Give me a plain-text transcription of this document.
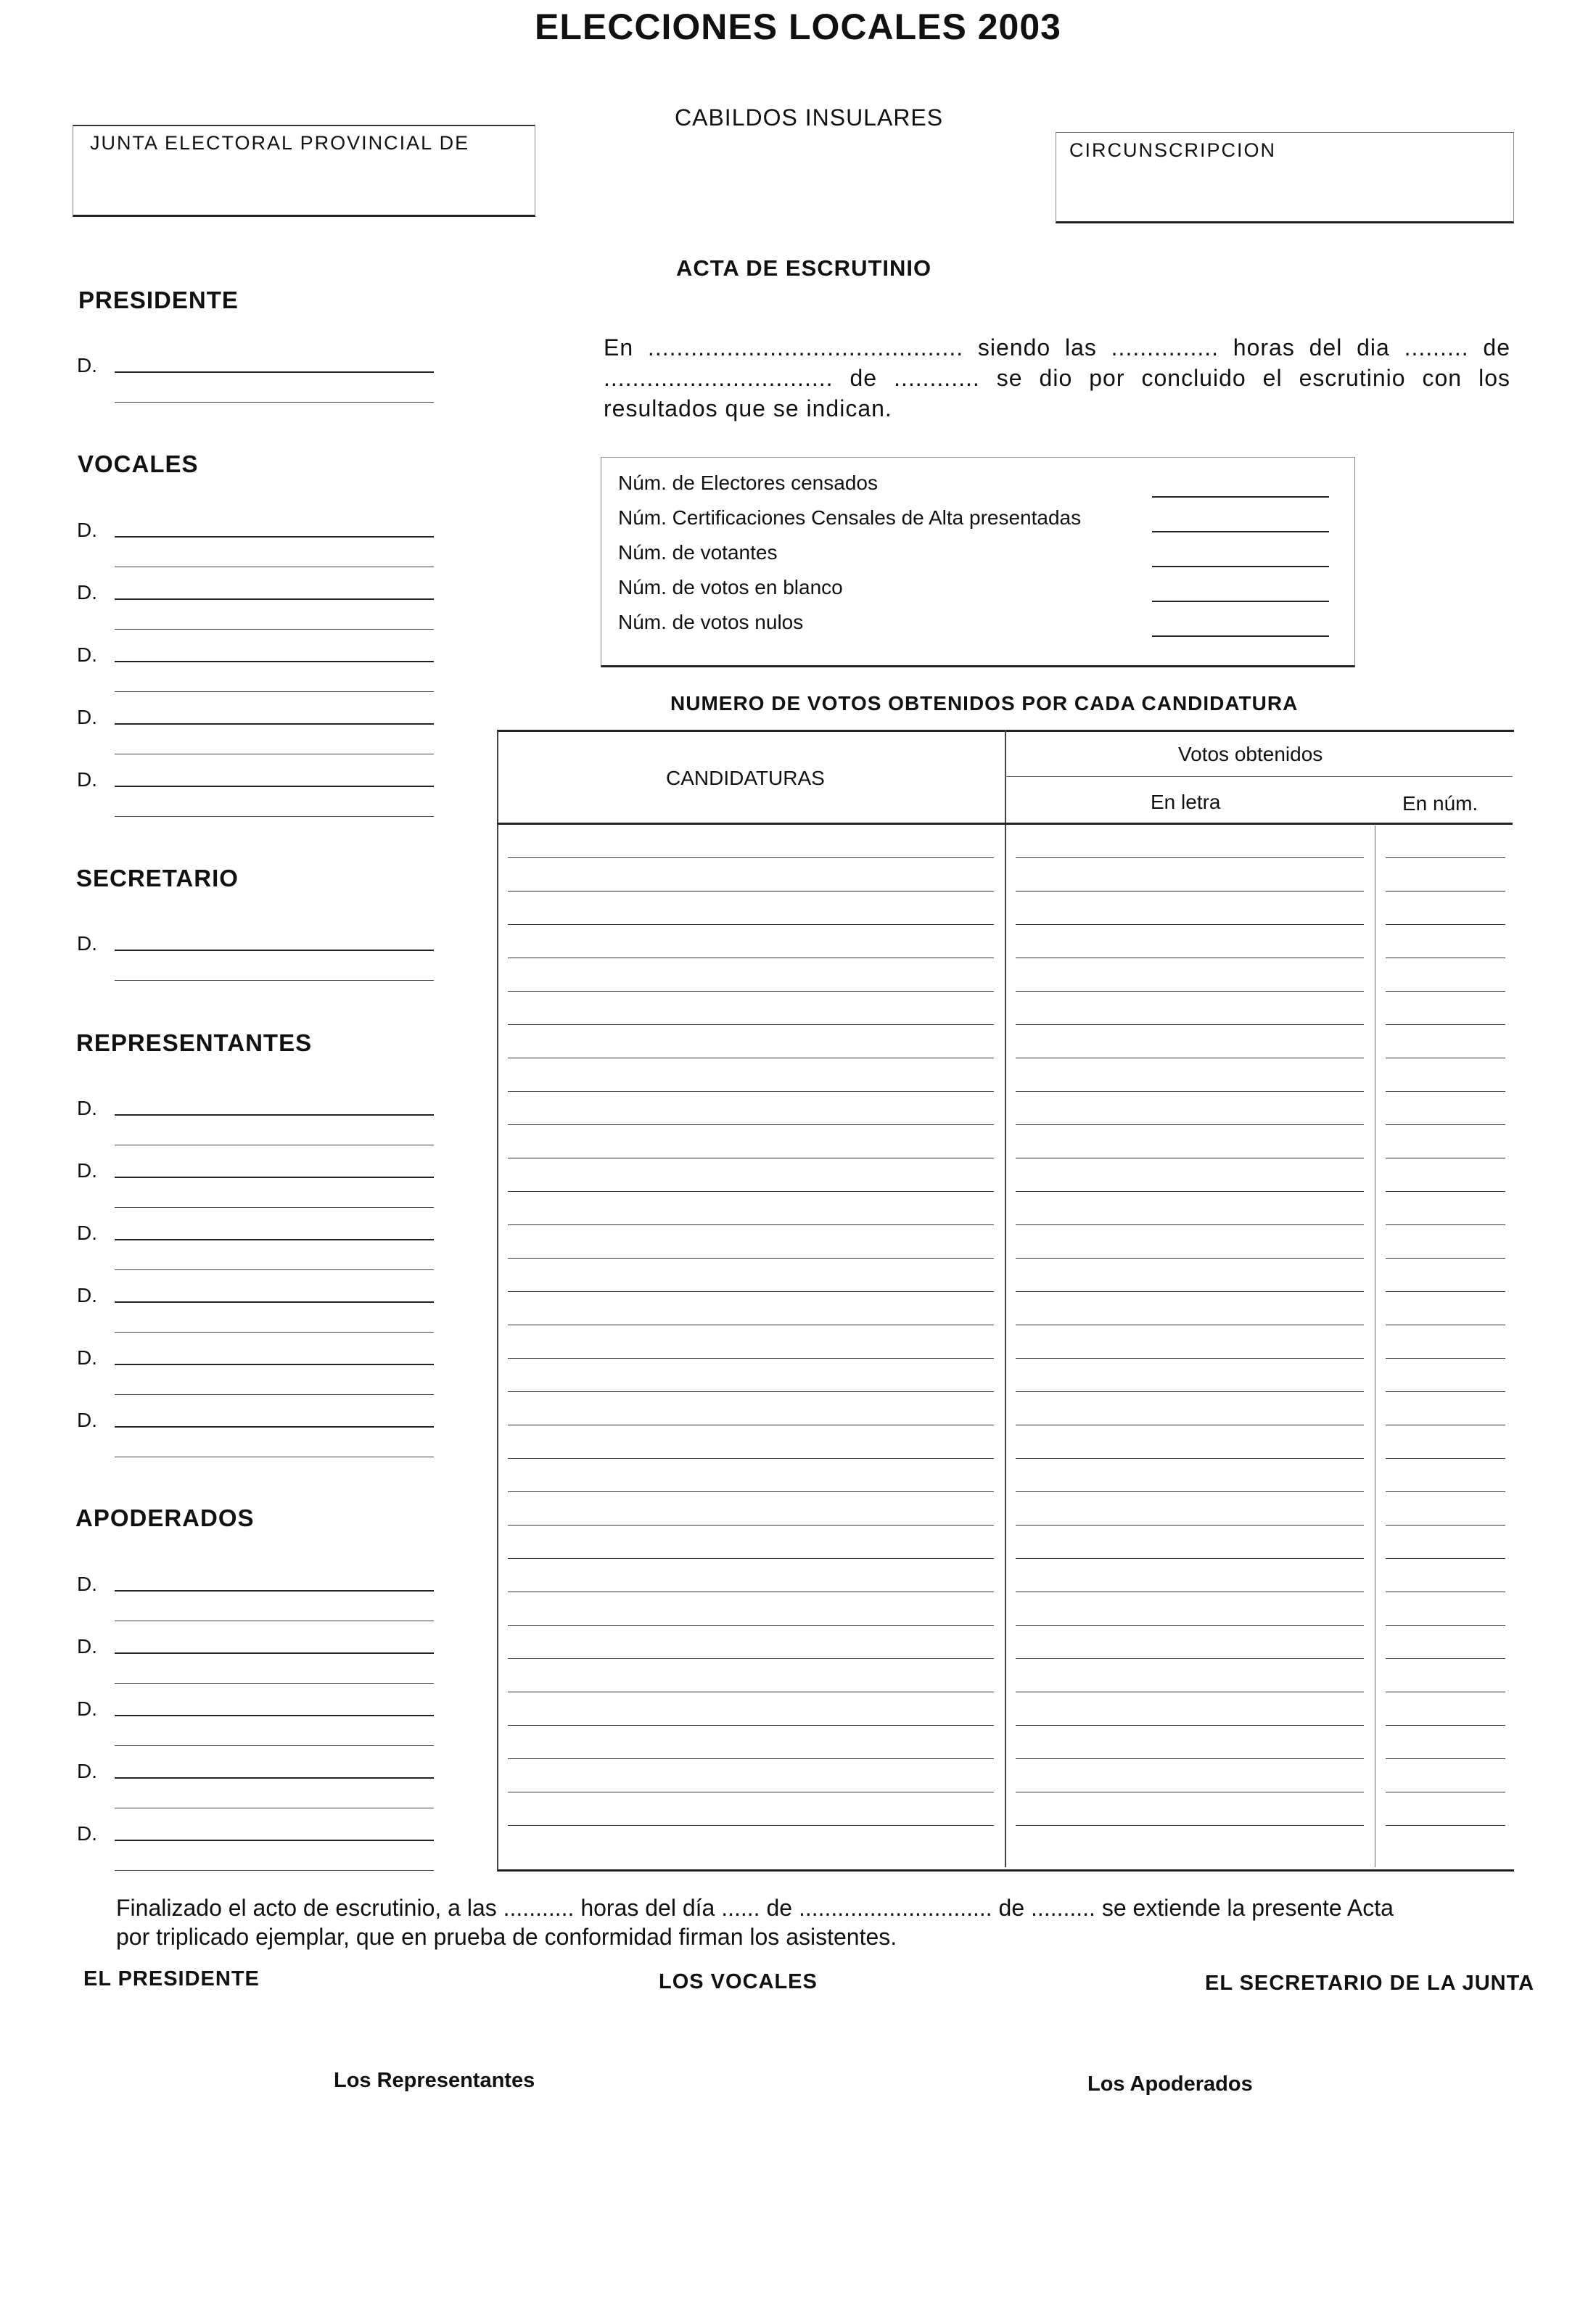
ELECCIONES LOCALES 2003
JUNTA ELECTORAL PROVINCIAL DE
CABILDOS INSULARES
CIRCUNSCRIPCION
ACTA DE ESCRUTINIO
En ............................................ siendo las ............... horas del dia ......... de
................................ de ............ se dio por concluido el escrutinio con los
resultados que se indican.
Núm. de Electores censados
Núm. Certificaciones Censales de Alta presentadas
Núm. de votantes
Núm. de votos en blanco
Núm. de votos nulos
NUMERO DE VOTOS OBTENIDOS POR CADA CANDIDATURA
CANDIDATURAS
Votos obtenidos
En letra	En núm.
PRESIDENTE
VOCALES
SECRETARIO
REPRESENTANTES
APODERADOS
D.
D.
D.
D.
D.
D.
D.
D.
D.
D.
D.
D.
D.
D.
D.
D.
D.
D.
Finalizado el acto de escrutinio, a las ........... horas del día ...... de .............................. de .......... se extiende la presente Acta
por triplicado ejemplar, que en prueba de conformidad firman los asistentes.
EL PRESIDENTE	LOS VOCALES	EL SECRETARIO DE LA JUNTA
Los Representantes	Los Apoderados
